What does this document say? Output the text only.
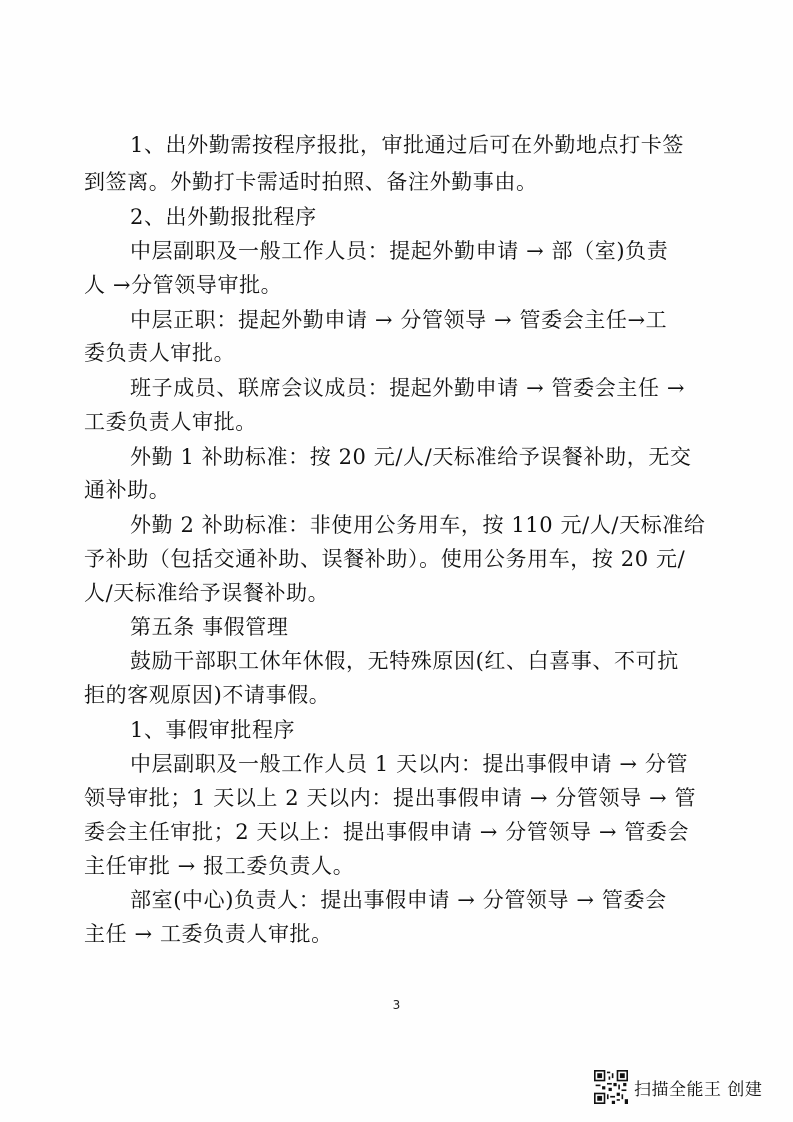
1、出外勤需按程序报批，审批通过后可在外勤地点打卡签
到签离。外勤打卡需适时拍照、备注外勤事由。
2、出外勤报批程序
中层副职及一般工作人员：提起外勤申请 → 部（室)负责
人 →分管领导审批。
中层正职：提起外勤申请 → 分管领导 → 管委会主任→工
委负责人审批。
班子成员、联席会议成员：提起外勤申请 → 管委会主任 →
工委负责人审批。
外勤 1 补助标准：按 20 元/人/天标准给予误餐补助，无交
通补助。
外勤 2 补助标准：非使用公务用车，按 110 元/人/天标准给
予补助（包括交通补助、误餐补助）。使用公务用车，按 20 元/
人/天标准给予误餐补助。
第五条 事假管理
鼓励干部职工休年休假，无特殊原因(红、白喜事、不可抗
拒的客观原因)不请事假。
1、事假审批程序
中层副职及一般工作人员 1 天以内：提出事假申请 → 分管
领导审批；1 天以上 2 天以内：提出事假申请 → 分管领导 → 管
委会主任审批；2 天以上：提出事假申请 → 分管领导 → 管委会
主任审批 → 报工委负责人。
部室(中心)负责人：提出事假申请 → 分管领导 → 管委会
主任 → 工委负责人审批。
3
扫描全能王 创建
